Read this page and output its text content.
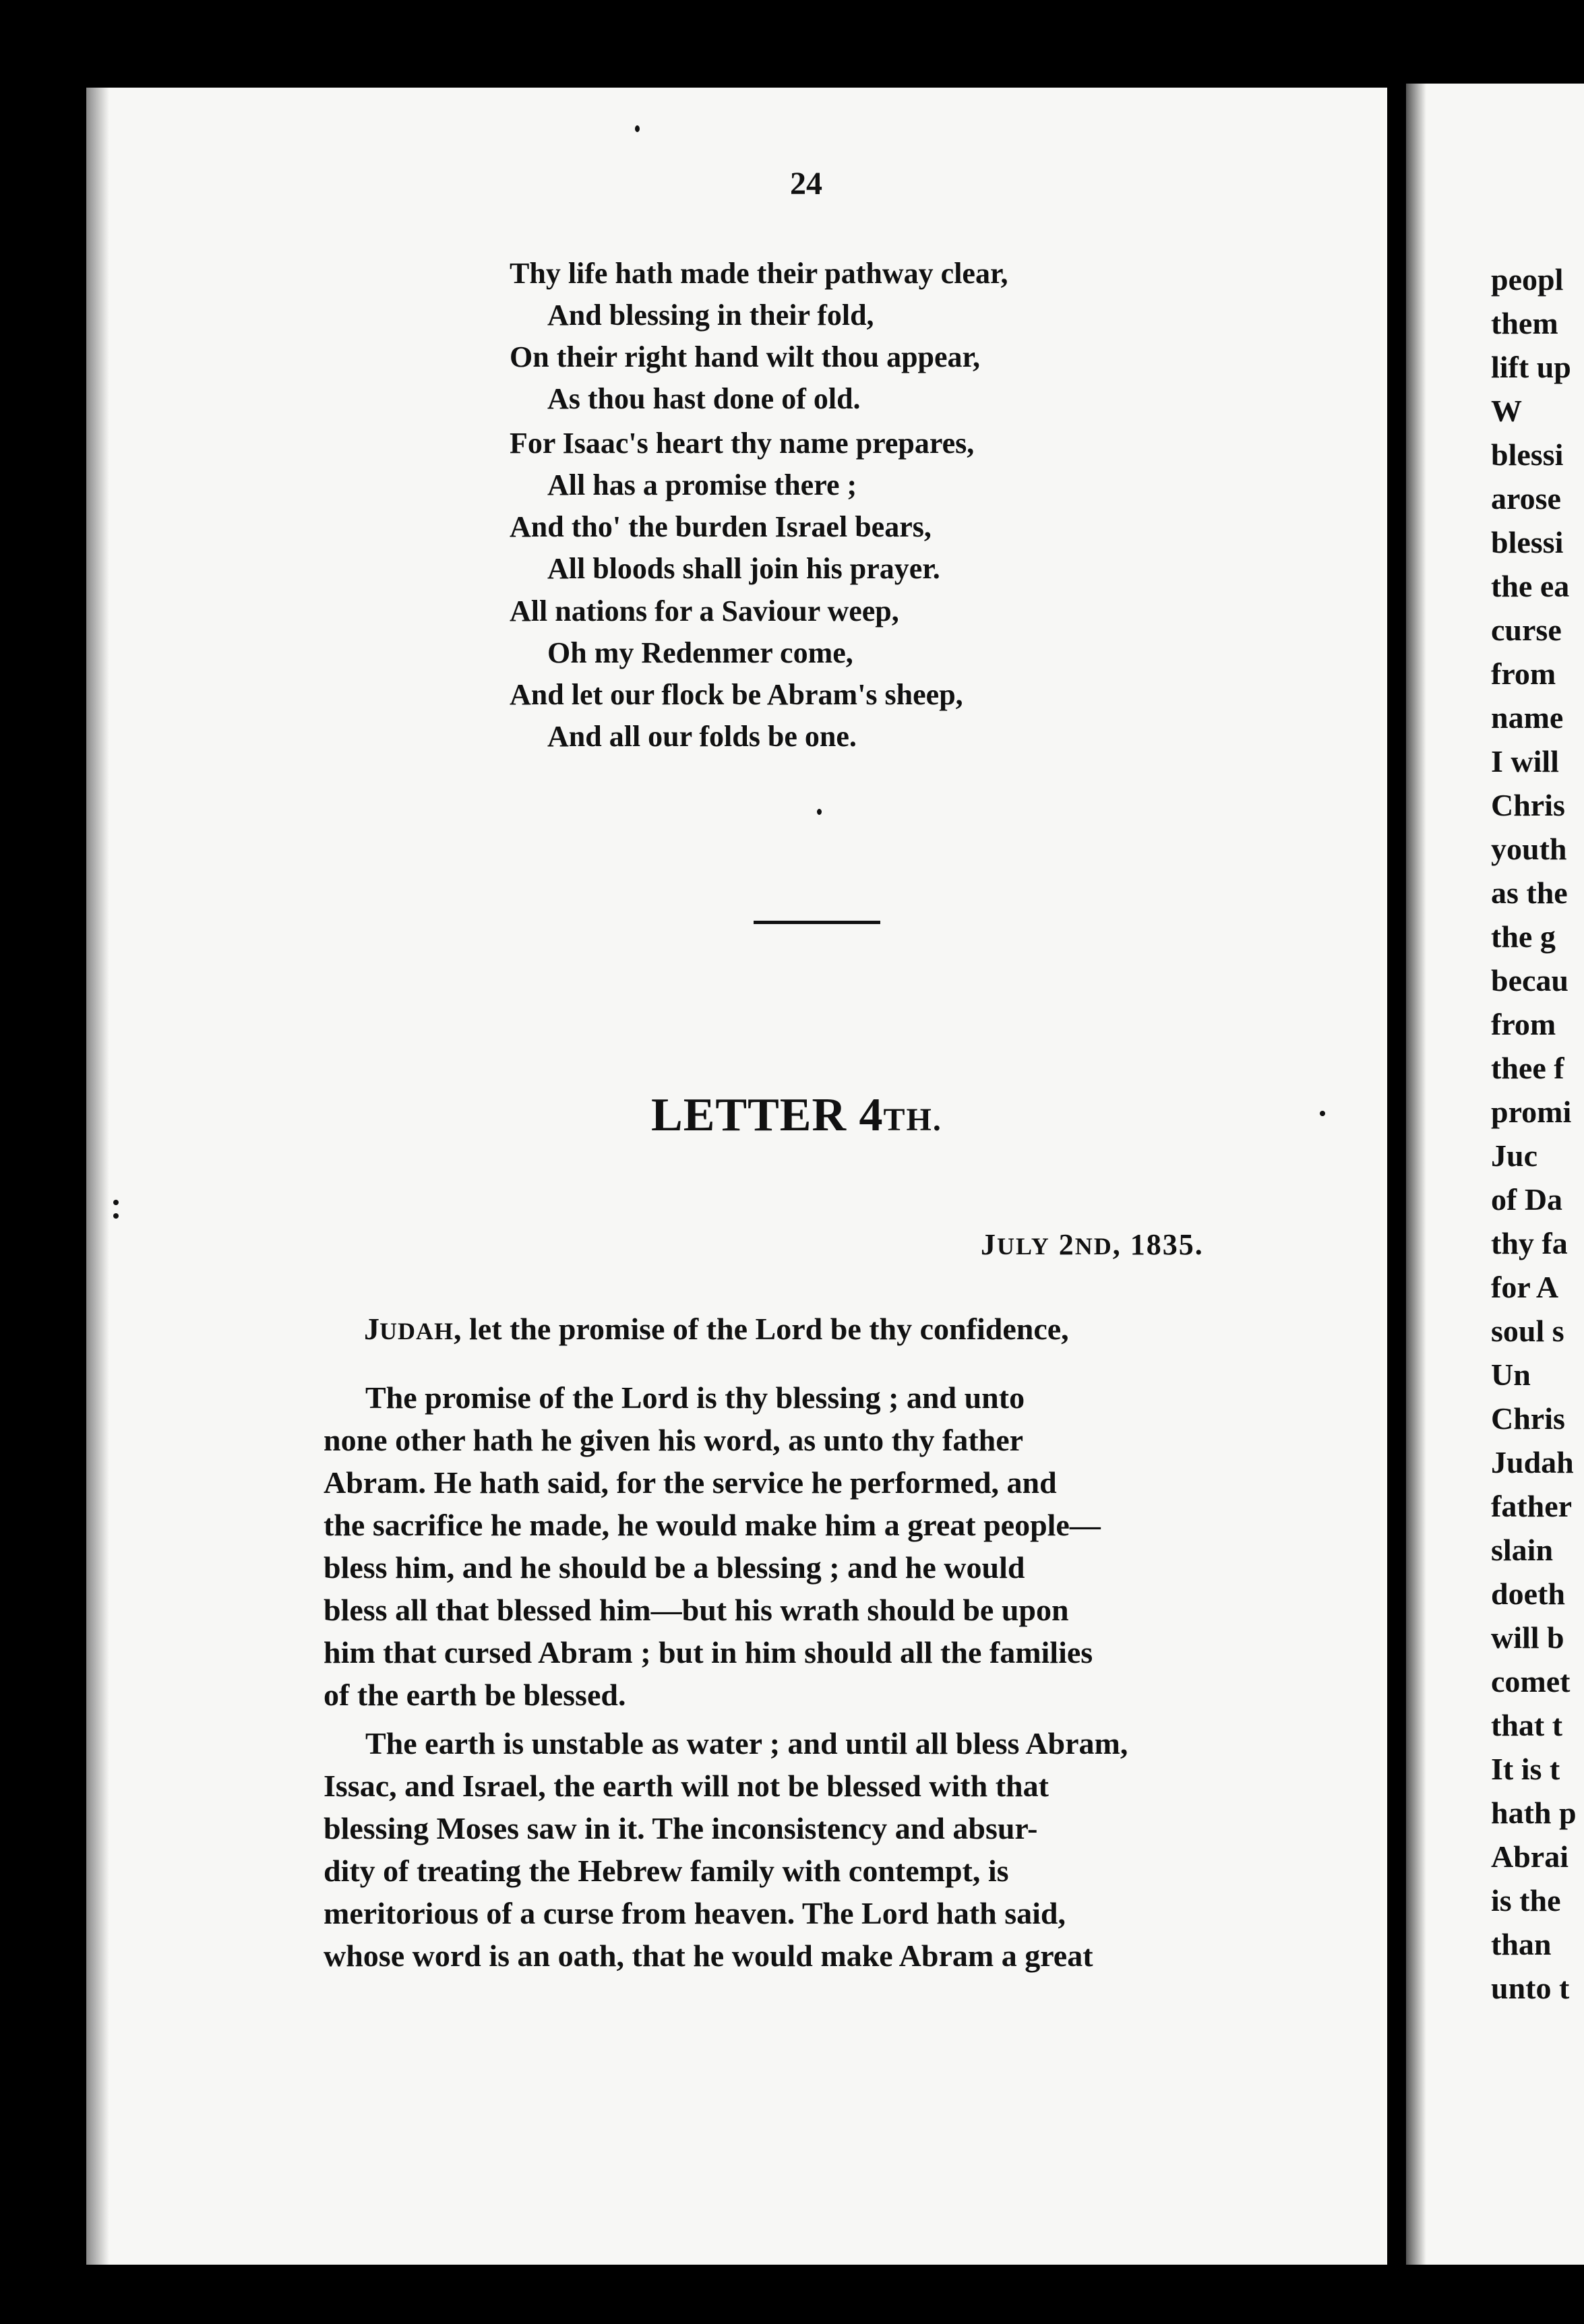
24
Thy life hath made their pathway clear,
And blessing in their fold,
On their right hand wilt thou appear,
As thou hast done of old.
For Isaac's heart thy name prepares,
All has a promise there ;
And tho' the burden Israel bears,
All bloods shall join his prayer.
All nations for a Saviour weep,
Oh my Redenmer come,
And let our flock be Abram's sheep,
And all our folds be one.
LETTER 4TH.
JULY 2ND, 1835.
JUDAH, let the promise of the Lord be thy confidence,
The promise of the Lord is thy blessing ; and unto
none other hath he given his word, as unto thy father
Abram. He hath said, for the service he performed, and
the sacrifice he made, he would make him a great people—
bless him, and he should be a blessing ; and he would
bless all that blessed him—but his wrath should be upon
him that cursed Abram ; but in him should all the families
of the earth be blessed.
The earth is unstable as water ; and until all bless Abram,
Issac, and Israel, the earth will not be blessed with that
blessing Moses saw in it. The inconsistency and absur-
dity of treating the Hebrew family with contempt, is
meritorious of a curse from heaven. The Lord hath said,
whose word is an oath, that he would make Abram a great
peopl
them
lift up
W
blessi
arose
blessi
the ea
curse
from
name
I will
Chris
youth
as the
the g
becau
from
thee f
promi
Juc
of Da
thy fa
for A
soul s
Un
Chris
Judah
father
slain
doeth
will b
comet
that t
It is t
hath p
Abrai
is the
than
unto t
